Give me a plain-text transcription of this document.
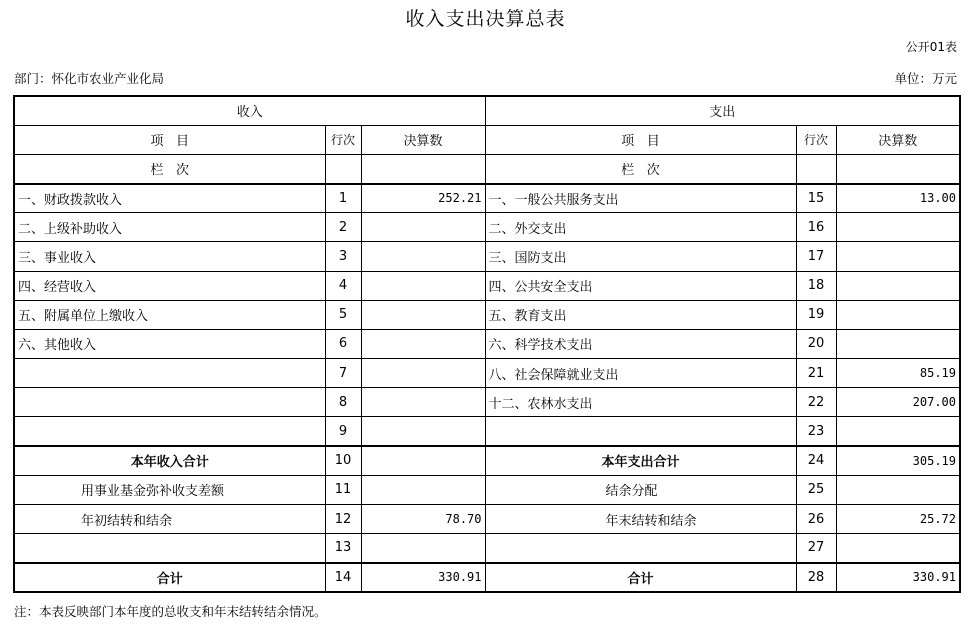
收入支出决算总表
公开01表
部门：怀化市农业产业化局	单位：万元
收入			支出		
项   目	行次	决算数	项   目	行次	决算数
栏   次			栏   次		
一、财政拨款收入	1	252.21	一、一般公共服务支出	15	13.00
二、上级补助收入	2		二、外交支出	16	
三、事业收入	3		三、国防支出	17	
四、经营收入	4		四、公共安全支出	18	
五、附属单位上缴收入	5		五、教育支出	19	
六、其他收入	6		六、科学技术支出	20	
	7		八、社会保障就业支出	21	85.19
	8		十二、农林水支出	22	207.00
	9			23	
本年收入合计	10		本年支出合计	24	305.19
用事业基金弥补收支差额	11		结余分配	25	
年初结转和结余	12	78.70	年末结转和结余	26	25.72
	13			27	
合计	14	330.91	合计	28	330.91
注：本表反映部门本年度的总收支和年末结转结余情况。
